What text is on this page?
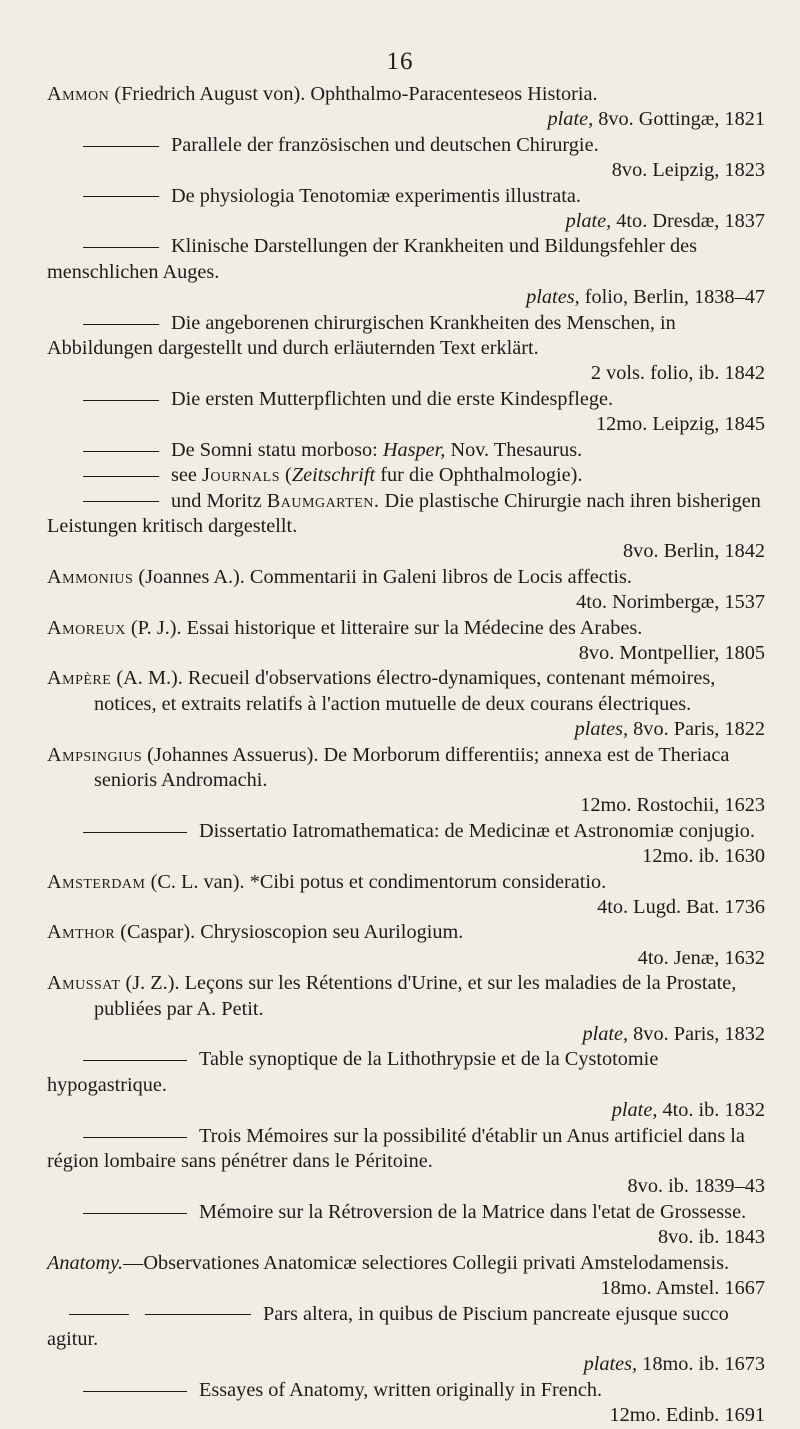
16
Ammon (Friedrich August von). Ophthalmo-Paracenteseos Historia.
plate, 8vo. Gottingæ, 1821
Parallele der französischen und deutschen Chirurgie.
8vo. Leipzig, 1823
De physiologia Tenotomiæ experimentis illustrata.
plate, 4to. Dresdæ, 1837
Klinische Darstellungen der Krankheiten und Bildungsfehler des menschlichen Auges.
plates, folio, Berlin, 1838–47
Die angeborenen chirurgischen Krankheiten des Menschen, in Abbildungen dargestellt und durch erläuternden Text erklärt.
2 vols. folio, ib. 1842
Die ersten Mutterpflichten und die erste Kindespflege.
12mo. Leipzig, 1845
De Somni statu morboso: Hasper, Nov. Thesaurus.
see Journals (Zeitschrift fur die Ophthalmologie).
und Moritz Baumgarten. Die plastische Chirurgie nach ihren bisherigen Leistungen kritisch dargestellt.
8vo. Berlin, 1842
Ammonius (Joannes A.). Commentarii in Galeni libros de Locis affectis.
4to. Norimbergæ, 1537
Amoreux (P. J.). Essai historique et litteraire sur la Médecine des Arabes.
8vo. Montpellier, 1805
Ampère (A. M.). Recueil d'observations électro-dynamiques, contenant mémoires, notices, et extraits relatifs à l'action mutuelle de deux courans électriques.
plates, 8vo. Paris, 1822
Ampsingius (Johannes Assuerus). De Morborum differentiis; annexa est de Theriaca senioris Andromachi.
12mo. Rostochii, 1623
Dissertatio Iatromathematica: de Medicinæ et Astronomiæ conjugio.
12mo. ib. 1630
Amsterdam (C. L. van). *Cibi potus et condimentorum consideratio.
4to. Lugd. Bat. 1736
Amthor (Caspar). Chrysioscopion seu Aurilogium.
4to. Jenæ, 1632
Amussat (J. Z.). Leçons sur les Rétentions d'Urine, et sur les maladies de la Prostate, publiées par A. Petit.
plate, 8vo. Paris, 1832
Table synoptique de la Lithothrypsie et de la Cystotomie hypogastrique.
plate, 4to. ib. 1832
Trois Mémoires sur la possibilité d'établir un Anus artificiel dans la région lombaire sans pénétrer dans le Péritoine.
8vo. ib. 1839–43
Mémoire sur la Rétroversion de la Matrice dans l'etat de Grossesse.
8vo. ib. 1843
Anatomy.—Observationes Anatomicæ selectiores Collegii privati Amstelodamensis.
18mo. Amstel. 1667
Pars altera, in quibus de Piscium pancreate ejusque succo agitur.
plates, 18mo. ib. 1673
Essayes of Anatomy, written originally in French.
12mo. Edinb. 1691
